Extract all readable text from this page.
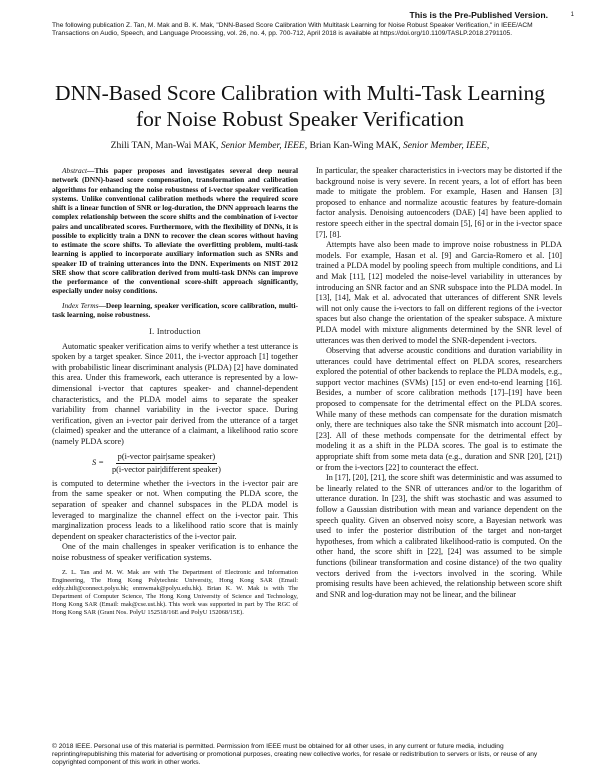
This is the Pre-Published Version.	1
The following publication Z. Tan, M. Mak and B. K. Mak, "DNN-Based Score Calibration With Multitask Learning for Noise Robust Speaker Verification," in IEEE/ACM Transactions on Audio, Speech, and Language Processing, vol. 26, no. 4, pp. 700-712, April 2018 is available at https://doi.org/10.1109/TASLP.2018.2791105.
DNN-Based Score Calibration with Multi-Task Learning for Noise Robust Speaker Verification
Zhili TAN, Man-Wai MAK, Senior Member, IEEE, Brian Kan-Wing MAK, Senior Member, IEEE,

Abstract—This paper proposes and investigates several deep neural network (DNN)-based score compensation, transformation and calibration algorithms for enhancing the noise robustness of i-vector speaker verification systems. Unlike conventional calibration methods where the required score shift is a linear function of SNR or log-duration, the DNN approach learns the complex relationship between the score shifts and the combination of i-vector pairs and uncalibrated scores. Furthermore, with the flexibility of DNNs, it is possible to explicitly train a DNN to recover the clean scores without having to estimate the score shifts. To alleviate the overfitting problem, multi-task learning is applied to incorporate auxiliary information such as SNRs and speaker ID of training utterances into the DNN. Experiments on NIST 2012 SRE show that score calibration derived from multi-task DNNs can improve the performance of the conventional score-shift approach significantly, especially under noisy conditions.

Index Terms—Deep learning, speaker verification, score calibration, multi-task learning, noise robustness.

I. Introduction

Automatic speaker verification aims to verify whether a test utterance is spoken by a target speaker. Since 2011, the i-vector approach [1] together with probabilistic linear discriminant analysis (PLDA) [2] have dominated this area. Under this framework, each utterance is represented by a low-dimensional i-vector that captures speaker- and channel-dependent characteristics, and the PLDA model aims to separate the speaker variability from channel variability in the i-vector space. During verification, given an i-vector pair derived from the utterance of a target (claimed) speaker and the utterance of a claimant, a likelihood ratio score (namely PLDA score)

$S = \frac{\text{p(i-vector pair|same speaker)}}{\text{p(i-vector pair|different speaker)}}$

is computed to determine whether the i-vectors in the i-vector pair are from the same speaker or not. When computing the PLDA score, the separation of speaker and channel subspaces in the PLDA model is leveraged to marginalize the channel effect on the i-vector pair. This marginalization process leads to a likelihood ratio score that is mainly dependent on speaker characteristics of the i-vector pair.

One of the main challenges in speaker verification is to enhance the noise robustness of speaker verification systems.

Z. L. Tan and M. W. Mak are with The Department of Electronic and Information Engineering, The Hong Kong Polytechnic University, Hong Kong SAR (Email: eddy.zhili@connect.polyu.hk; enmwmak@polyu.edu.hk). Brian K. W. Mak is with The Department of Computer Science, The Hong Kong University of Science and Technology, Hong Kong SAR (Email: mak@cse.ust.hk). This work was supported in part by The RGC of Hong Kong SAR (Grant Nos. PolyU 152518/16E and PolyU 152068/15E).

In particular, the speaker characteristics in i-vectors may be distorted if the background noise is very severe. In recent years, a lot of effort has been made to mitigate the problem. For example, Hasen and Hansen [3] proposed to enhance and normalize acoustic features by feature-domain factor analysis. Denoising autoencoders (DAE) [4] have been applied to restore speech either in the spectral domain [5], [6] or in the i-vector space [7], [8].

Attempts have also been made to improve noise robustness in PLDA models. For example, Hasan et al. [9] and Garcia-Romero et al. [10] trained a PLDA model by pooling speech from multiple conditions, and Li and Mak [11], [12] modeled the noise-level variability in utterances by introducing an SNR factor and an SNR subspace into the PLDA model. In [13], [14], Mak et al. advocated that utterances of different SNR levels will not only cause the i-vectors to fall on different regions of the i-vector spaces but also change the orientation of the speaker subspace. A mixture PLDA model with mixture alignments determined by the SNR level of utterances was then derived to model the SNR-dependent i-vectors.

Observing that adverse acoustic conditions and duration variability in utterances could have detrimental effect on PLDA scores, researchers explored the potential of other backends to replace the PLDA models, e.g., support vector machines (SVMs) [15] or even end-to-end learning [16]. Besides, a number of score calibration methods [17]–[19] have been proposed to compensate for the detrimental effect on the PLDA scores. While many of these methods can compensate for the duration mismatch only, there are techniques also take the SNR mismatch into account [20]–[23]. All of these methods compensate for the detrimental effect by modeling it as a shift in the PLDA scores. The goal is to estimate the appropriate shift from some meta data (e.g., duration and SNR [20], [21]) or from the i-vectors [22] to counteract the effect.

In [17], [20], [21], the score shift was deterministic and was assumed to be linearly related to the SNR of utterances and/or to the logarithm of utterance duration. In [23], the shift was stochastic and was assumed to follow a Gaussian distribution with mean and variance dependent on the speech quality. Given an observed noisy score, a Bayesian network was used to infer the posterior distribution of the target and non-target hypotheses, from which a calibrated likelihood-ratio is computed. On the other hand, the score shift in [22], [24] was assumed to be simple functions (bilinear transformation and cosine distance) of the two quality vectors derived from the i-vectors involved in the scoring. While promising results have been achieved, the relationship between score shift and SNR and log-duration may not be linear, and the bilinear

© 2018 IEEE. Personal use of this material is permitted. Permission from IEEE must be obtained for all other uses, in any current or future media, including reprinting/republishing this material for advertising or promotional purposes, creating new collective works, for resale or redistribution to servers or lists, or reuse of any copyrighted component of this work in other works.
